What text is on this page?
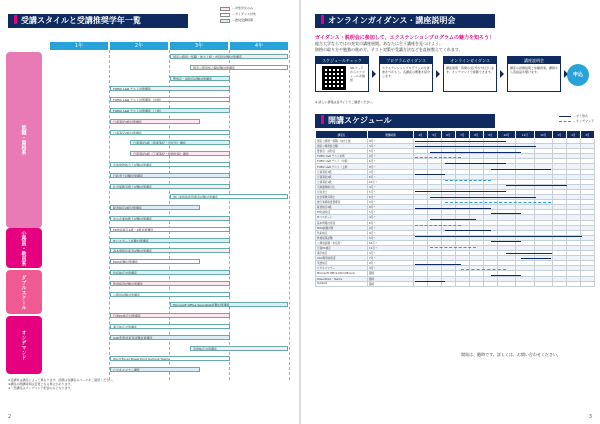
受講スタイルと受講推奨学年一覧
…対象学生のみ
…ガイダンス対象
…推奨受講時期
1年	2年	3年	4年
就職・資格系
公務員・教員系
ダブルスクール
オンデマンド
国家公務員一般職・地方上級・市役所試験対策講座
国家公務員総合職試験対策講座
警察官・消防官試験対策講座
TOEIC L&R テスト対策講座
TOEIC L&R テスト対策講座（中級）
TOEIC L&R テスト対策講座（上級）
日商簿記3級対策講座
日商簿記2級対策講座
日商簿記1級（商業簿記・会計学）講座
日商簿記1級（工業簿記・原価計算）講座
宅地建物取引士試験対策講座
行政書士試験対策講座
社会保険労務士試験対策講座
旅行業務取扱管理者試験対策講座
秘書検定2級対策講座
中小企業診断士試験対策講座
FP技能検定2級・3級対策講座
ITパスポート試験対策講座
基本情報技術者試験対策講座
MOS試験対策講座
色彩検定対策講座
教員採用試験対策講座
公務員試験対策講座
Microsoft Office Specialist試験対策講座
日商PC検定対策講座
漢字検定対策講座
CAD利用技術者試験対策講座
英語検定対策講座
Word Excel PowerPoint Outlook Teams
ビジネスマナー講座
※受講料は講座によって異なります。詳細は各講座のページをご確認ください。
※講座の開講時期は変更となる場合があります。
※一部講座はオンデマンド配信のみとなります。
2
オンラインガイダンス・講座説明会
ガイダンス・説明会に参加して、エクステンションプログラムの魅力を知ろう！
総合大学ならではの充実の講座展開。あなたに合う講座を見つけよう。
資格の取り方や勉強の進め方、テスト対策や受講方法などを直接教えてくれます。
スケジュールチェック
QRコードからスケジュールを確認
プログラムガイダンス
エクステンションプログラムの全体像をつかもう。各講座の概要を紹介します。
オンラインガイダンス
講座説明・質問の受け付けを行います。オンデマンドで視聴できます。
講座説明会
講座の詳細説明と体験授業。講師から直接話を聞けます。	申込
※ 詳しい情報は各サイトでご確認ください。
開講スケジュール	…ゼミ形式
…オンデマンド
講座名	開講時期	4月	5月	6月	7月	8月	9月	10月	11月	12月	1月	2月	3月
国家公務員一般職・地方上級	4月〜												
国家公務員総合職	4月〜												
警察官・消防官	5月〜												
TOEIC L&R テスト対策	4月〜												
TOEIC L&R テスト（中級）	6月〜												
TOEIC L&R テスト（上級）	9月〜												
日商簿記3級	4月〜												
日商簿記2級	6月〜												
日商簿記1級	10月〜												
宅地建物取引士	4月〜												
行政書士	5月〜												
社会保険労務士	6月〜												
旅行業務取扱管理者	4月〜												
秘書検定2級	9月〜												
FP技能検定	5月〜												
ITパスポート	4月〜												
基本情報技術者	6月〜												
MOS試験対策	4月〜												
色彩検定	9月〜												
教員採用試験	5月〜												
公務員試験（市役所）	10月〜												
日商PC検定	11月〜												
漢字検定	4月〜												
CAD利用技術者	7月〜												
英語検定	9月〜												
ビジネスマナー	4月〜												
Microsoft Office (Word/Excel)	随時												
PowerPoint・Teams	随時												
Outlook	随時												
開始は、随時です。詳しくは、お問い合わせください。
3
